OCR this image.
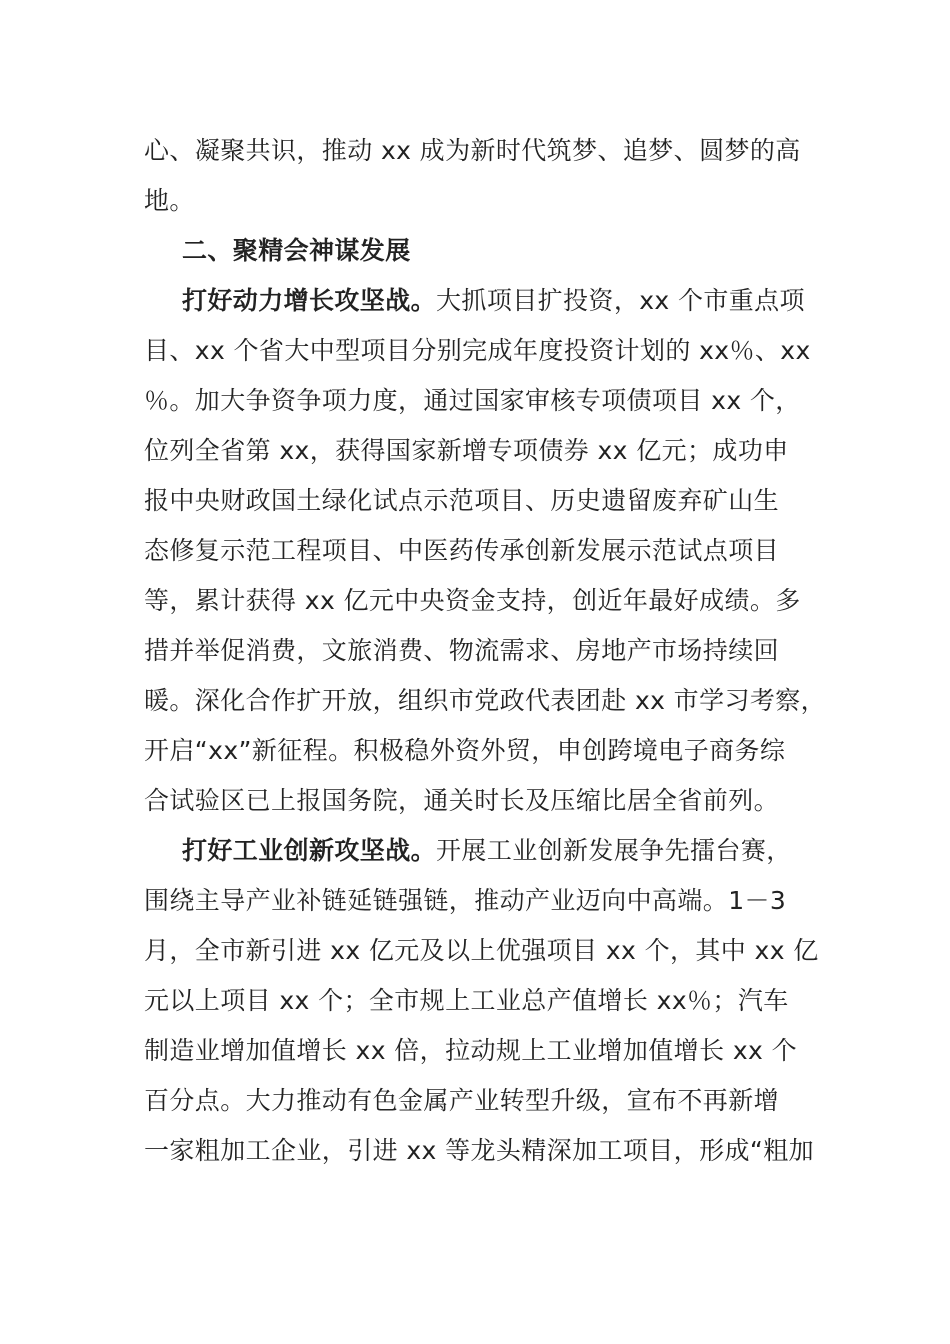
心、凝聚共识，推动 xx 成为新时代筑梦、追梦、圆梦的高
地。
二、聚精会神谋发展
打好动力增长攻坚战。大抓项目扩投资，xx 个市重点项
目、xx 个省大中型项目分别完成年度投资计划的 xx％、xx
％。加大争资争项力度，通过国家审核专项债项目 xx 个，
位列全省第 xx，获得国家新增专项债券 xx 亿元；成功申
报中央财政国土绿化试点示范项目、历史遗留废弃矿山生
态修复示范工程项目、中医药传承创新发展示范试点项目
等，累计获得 xx 亿元中央资金支持，创近年最好成绩。多
措并举促消费，文旅消费、物流需求、房地产市场持续回
暖。深化合作扩开放，组织市党政代表团赴 xx 市学习考察，
开启“xx”新征程。积极稳外资外贸，申创跨境电子商务综
合试验区已上报国务院，通关时长及压缩比居全省前列。
打好工业创新攻坚战。开展工业创新发展争先擂台赛，
围绕主导产业补链延链强链，推动产业迈向中高端。1－3
月，全市新引进 xx 亿元及以上优强项目 xx 个，其中 xx 亿
元以上项目 xx 个；全市规上工业总产值增长 xx％；汽车
制造业增加值增长 xx 倍，拉动规上工业增加值增长 xx 个
百分点。大力推动有色金属产业转型升级，宣布不再新增
一家粗加工企业，引进 xx 等龙头精深加工项目，形成“粗加
